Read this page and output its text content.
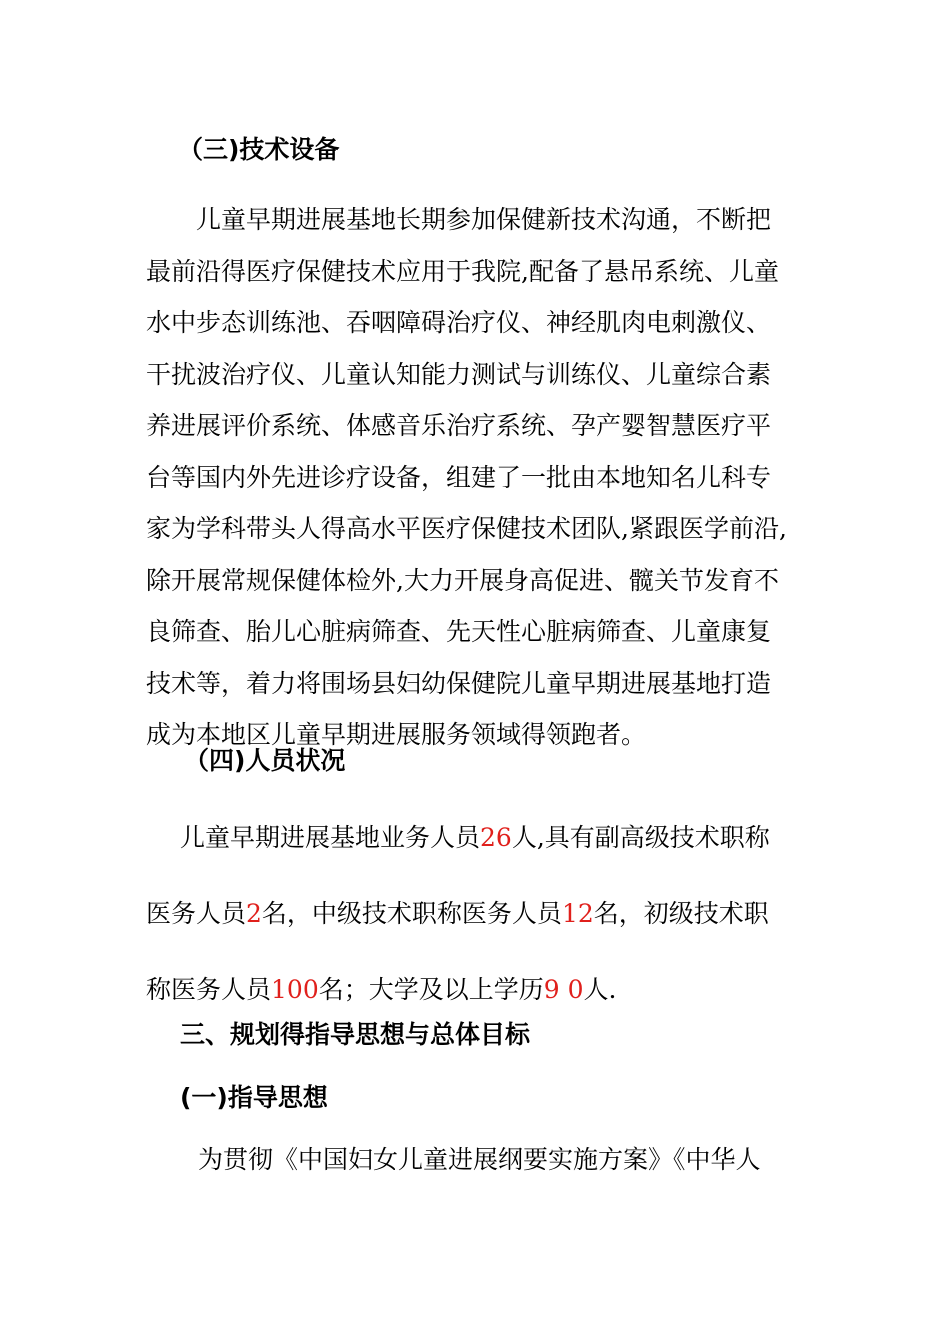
（三)技术设备
儿童早期进展基地长期参加保健新技术沟通，不断把
最前沿得医疗保健技术应用于我院,配备了悬吊系统、儿童
水中步态训练池、吞咽障碍治疗仪、神经肌肉电刺激仪、
干扰波治疗仪、儿童认知能力测试与训练仪、儿童综合素
养进展评价系统、体感音乐治疗系统、孕产婴智慧医疗平
台等国内外先进诊疗设备，组建了一批由本地知名儿科专
家为学科带头人得高水平医疗保健技术团队,紧跟医学前沿,
除开展常规保健体检外,大力开展身高促进、髋关节发育不
良筛查、胎儿心脏病筛查、先天性心脏病筛查、儿童康复
技术等，着力将围场县妇幼保健院儿童早期进展基地打造
成为本地区儿童早期进展服务领域得领跑者。
（四)人员状况
儿童早期进展基地业务人员26人,具有副高级技术职称
医务人员2名，中级技术职称医务人员12名，初级技术职
称医务人员100名；大学及以上学历9 0人.
三、规划得指导思想与总体目标
(一)指导思想
为贯彻《中国妇女儿童进展纲要实施方案》《中华人
